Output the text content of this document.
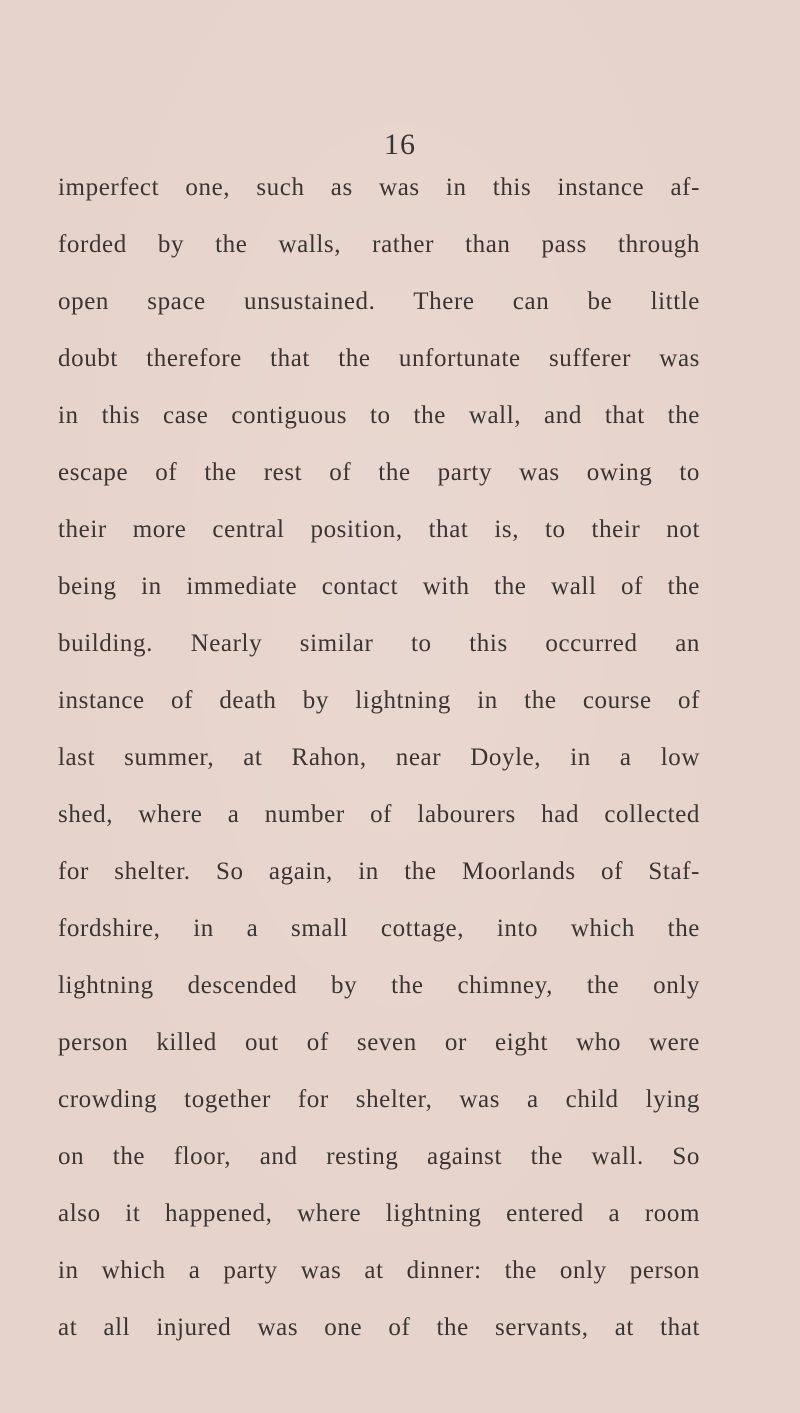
16
imperfect one, such as was in this instance af-
forded by the walls, rather than pass through
open space unsustained. There can be little
doubt therefore that the unfortunate sufferer was
in this case contiguous to the wall, and that the
escape of the rest of the party was owing to
their more central position, that is, to their not
being in immediate contact with the wall of the
building. Nearly similar to this occurred an
instance of death by lightning in the course of
last summer, at Rahon, near Doyle, in a low
shed, where a number of labourers had collected
for shelter. So again, in the Moorlands of Staf-
fordshire, in a small cottage, into which the
lightning descended by the chimney, the only
person killed out of seven or eight who were
crowding together for shelter, was a child lying
on the floor, and resting against the wall. So
also it happened, where lightning entered a room
in which a party was at dinner: the only person
at all injured was one of the servants, at that
